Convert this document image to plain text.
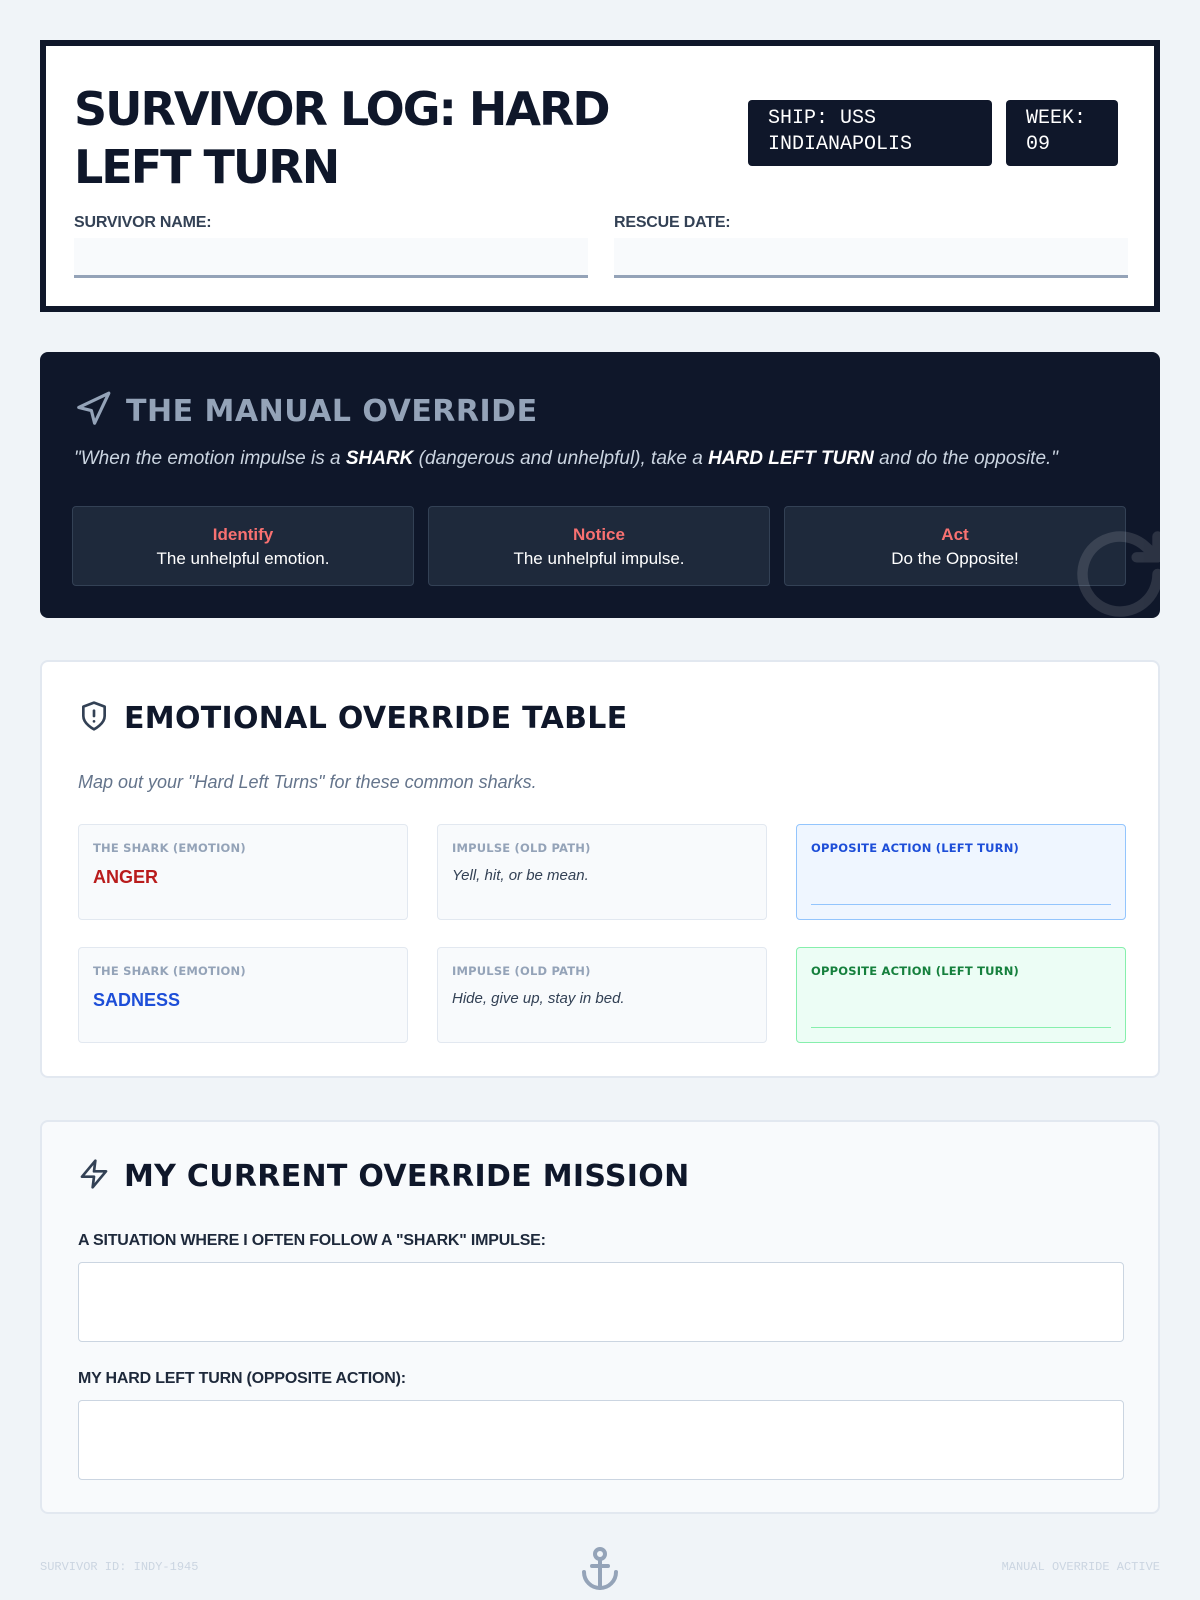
SURVIVOR LOG: HARD LEFT TURN
SHIP: USS INDIANAPOLIS
WEEK: 09
SURVIVOR NAME:	RESCUE DATE:
THE MANUAL OVERRIDE
"When the emotion impulse is a SHARK (dangerous and unhelpful), take a HARD LEFT TURN and do the opposite."
Identify
The unhelpful emotion.
Notice
The unhelpful impulse.
Act
Do the Opposite!
EMOTIONAL OVERRIDE TABLE
Map out your "Hard Left Turns" for these common sharks.
THE SHARK (EMOTION)
ANGER
IMPULSE (OLD PATH)
Yell, hit, or be mean.
OPPOSITE ACTION (LEFT TURN)
THE SHARK (EMOTION)
SADNESS
IMPULSE (OLD PATH)
Hide, give up, stay in bed.
OPPOSITE ACTION (LEFT TURN)
MY CURRENT OVERRIDE MISSION
A SITUATION WHERE I OFTEN FOLLOW A "SHARK" IMPULSE:
MY HARD LEFT TURN (OPPOSITE ACTION):
SURVIVOR ID: INDY-1945	MANUAL OVERRIDE ACTIVE
